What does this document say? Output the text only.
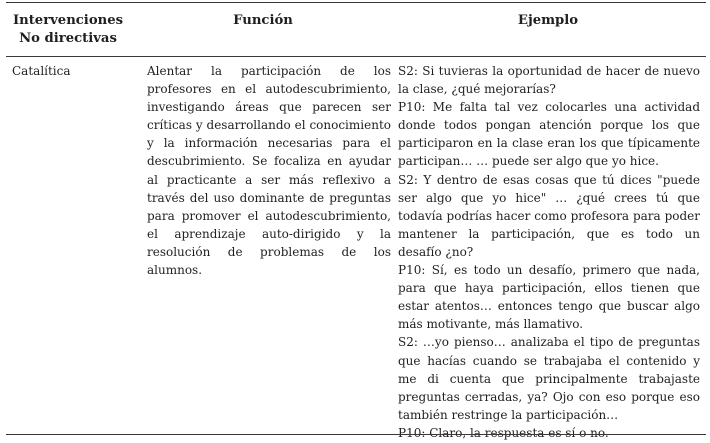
Intervenciones No directivas
Función	Ejemplo
Catalítica	Alentar la participación de los profesores en el autodescubrimiento, investigando áreas que parecen ser críticas y desarrollando el conocimiento y la información necesarias para el descubrimiento. Se focaliza en ayudar al practicante a ser más reflexivo a través del uso dominante de preguntas para promover el autodescubrimiento, el aprendizaje auto-dirigido y la resolución de problemas de los alumnos.
S2: Si tuvieras la oportunidad de hacer de nuevo la clase, ¿qué mejorarías?
P10: Me falta tal vez colocarles una actividad donde todos pongan atención porque los que participaron en la clase eran los que típicamente participan… … puede ser algo que yo hice.
S2: Y dentro de esas cosas que tú dices "puede ser algo que yo hice" … ¿qué crees tú que todavía podrías hacer como profesora para poder mantener la participación, que es todo un desafío ¿no?
P10: Sí, es todo un desafío, primero que nada, para que haya participación, ellos tienen que estar atentos… entonces tengo que buscar algo más motivante, más llamativo.
S2: …yo pienso… analizaba el tipo de preguntas que hacías cuando se trabajaba el contenido y me di cuenta que principalmente trabajaste preguntas cerradas, ya? Ojo con eso porque eso también restringe la participación…
P10: Claro, la respuesta es sí o no.
